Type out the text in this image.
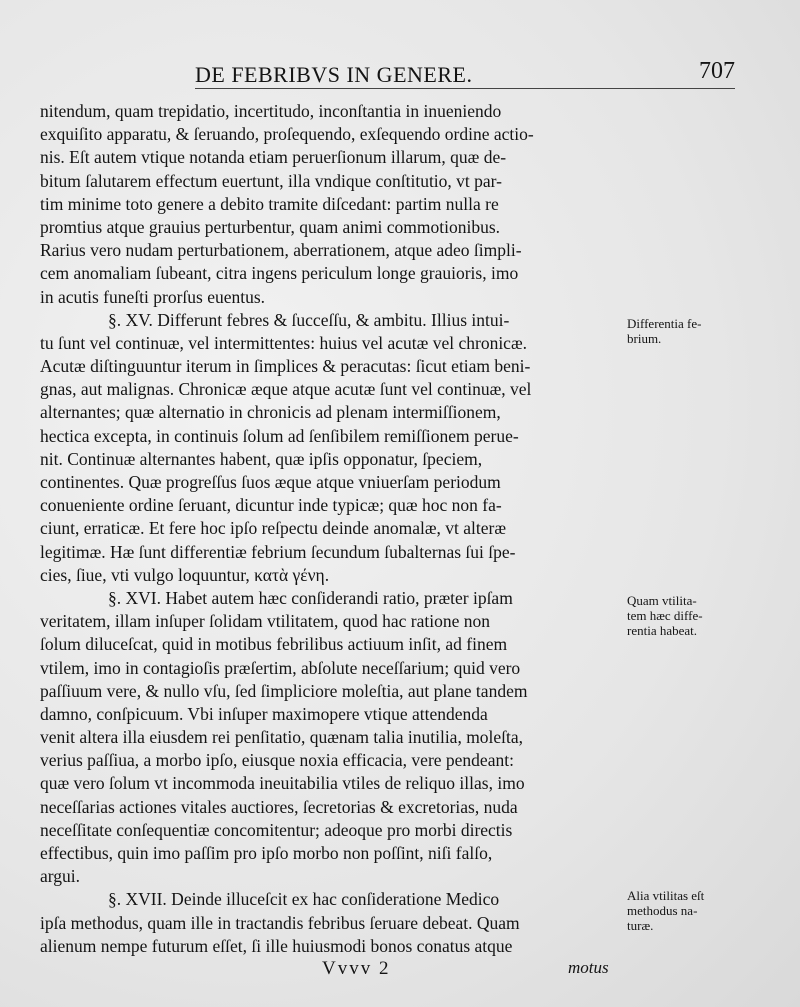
DE FEBRIBVS IN GENERE.	707
nitendum, quam trepidatio, incertitudo, inconſtantia in inueniendo
exquiſito apparatu, & ſeruando, proſequendo, exſequendo ordine actio-
nis. Eſt autem vtique notanda etiam peruerſionum illarum, quæ de-
bitum ſalutarem effectum euertunt, illa vndique conſtitutio, vt par-
tim minime toto genere a debito tramite diſcedant: partim nulla re
promtius atque grauius perturbentur, quam animi commotionibus.
Rarius vero nudam perturbationem, aberrationem, atque adeo ſimpli-
cem anomaliam ſubeant, citra ingens periculum longe grauioris, imo
in acutis funeſti prorſus euentus.
§. XV. Differunt febres & ſucceſſu, & ambitu. Illius intui-
tu ſunt vel continuæ, vel intermittentes: huius vel acutæ vel chronicæ.
Acutæ diſtinguuntur iterum in ſimplices & peracutas: ſicut etiam beni-
gnas, aut malignas. Chronicæ æque atque acutæ ſunt vel continuæ, vel
alternantes; quæ alternatio in chronicis ad plenam intermiſſionem,
hectica excepta, in continuis ſolum ad ſenſibilem remiſſionem perue-
nit. Continuæ alternantes habent, quæ ipſis opponatur, ſpeciem,
continentes. Quæ progreſſus ſuos æque atque vniuerſam periodum
conueniente ordine ſeruant, dicuntur inde typicæ; quæ hoc non fa-
ciunt, erraticæ. Et fere hoc ipſo reſpectu deinde anomalæ, vt alteræ
legitimæ. Hæ ſunt differentiæ febrium ſecundum ſubalternas ſui ſpe-
cies, ſiue, vti vulgo loquuntur, κατὰ γένη.
§. XVI. Habet autem hæc conſiderandi ratio, præter ipſam
veritatem, illam inſuper ſolidam vtilitatem, quod hac ratione non
ſolum dilucеſcat, quid in motibus febrilibus actiuum inſit, ad finem
vtilem, imo in contagioſis præſertim, abſolute neceſſarium; quid vero
paſſiuum vere, & nullo vſu, ſed ſimpliciore moleſtia, aut plane tandem
damno, conſpicuum. Vbi inſuper maximopere vtique attendenda
venit altera illa eiusdem rei penſitatio, quænam talia inutilia, moleſta,
verius paſſiua, a morbo ipſo, eiusque noxia efficacia, vere pendeant:
quæ vero ſolum vt incommoda ineuitabilia vtiles de reliquo illas, imo
neceſſarias actiones vitales auctiores, ſecretorias & excretorias, nuda
neceſſitate conſequentiæ concomitentur; adeoque pro morbi directis
effectibus, quin imo paſſim pro ipſo morbo non poſſint, niſi falſo,
argui.
§. XVII. Deinde illuceſcit ex hac conſideratione Medico
ipſa methodus, quam ille in tractandis febribus ſeruare debeat. Quam
alienum nempe futurum eſſet, ſi ille huiusmodi bonos conatus atque
Differentia fe-
brium.
Quam vtilita-
tem hæc diffe-
rentia habeat.
Alia vtilitas eſt
methodus na-
turæ.
Vvvv 2	motus
